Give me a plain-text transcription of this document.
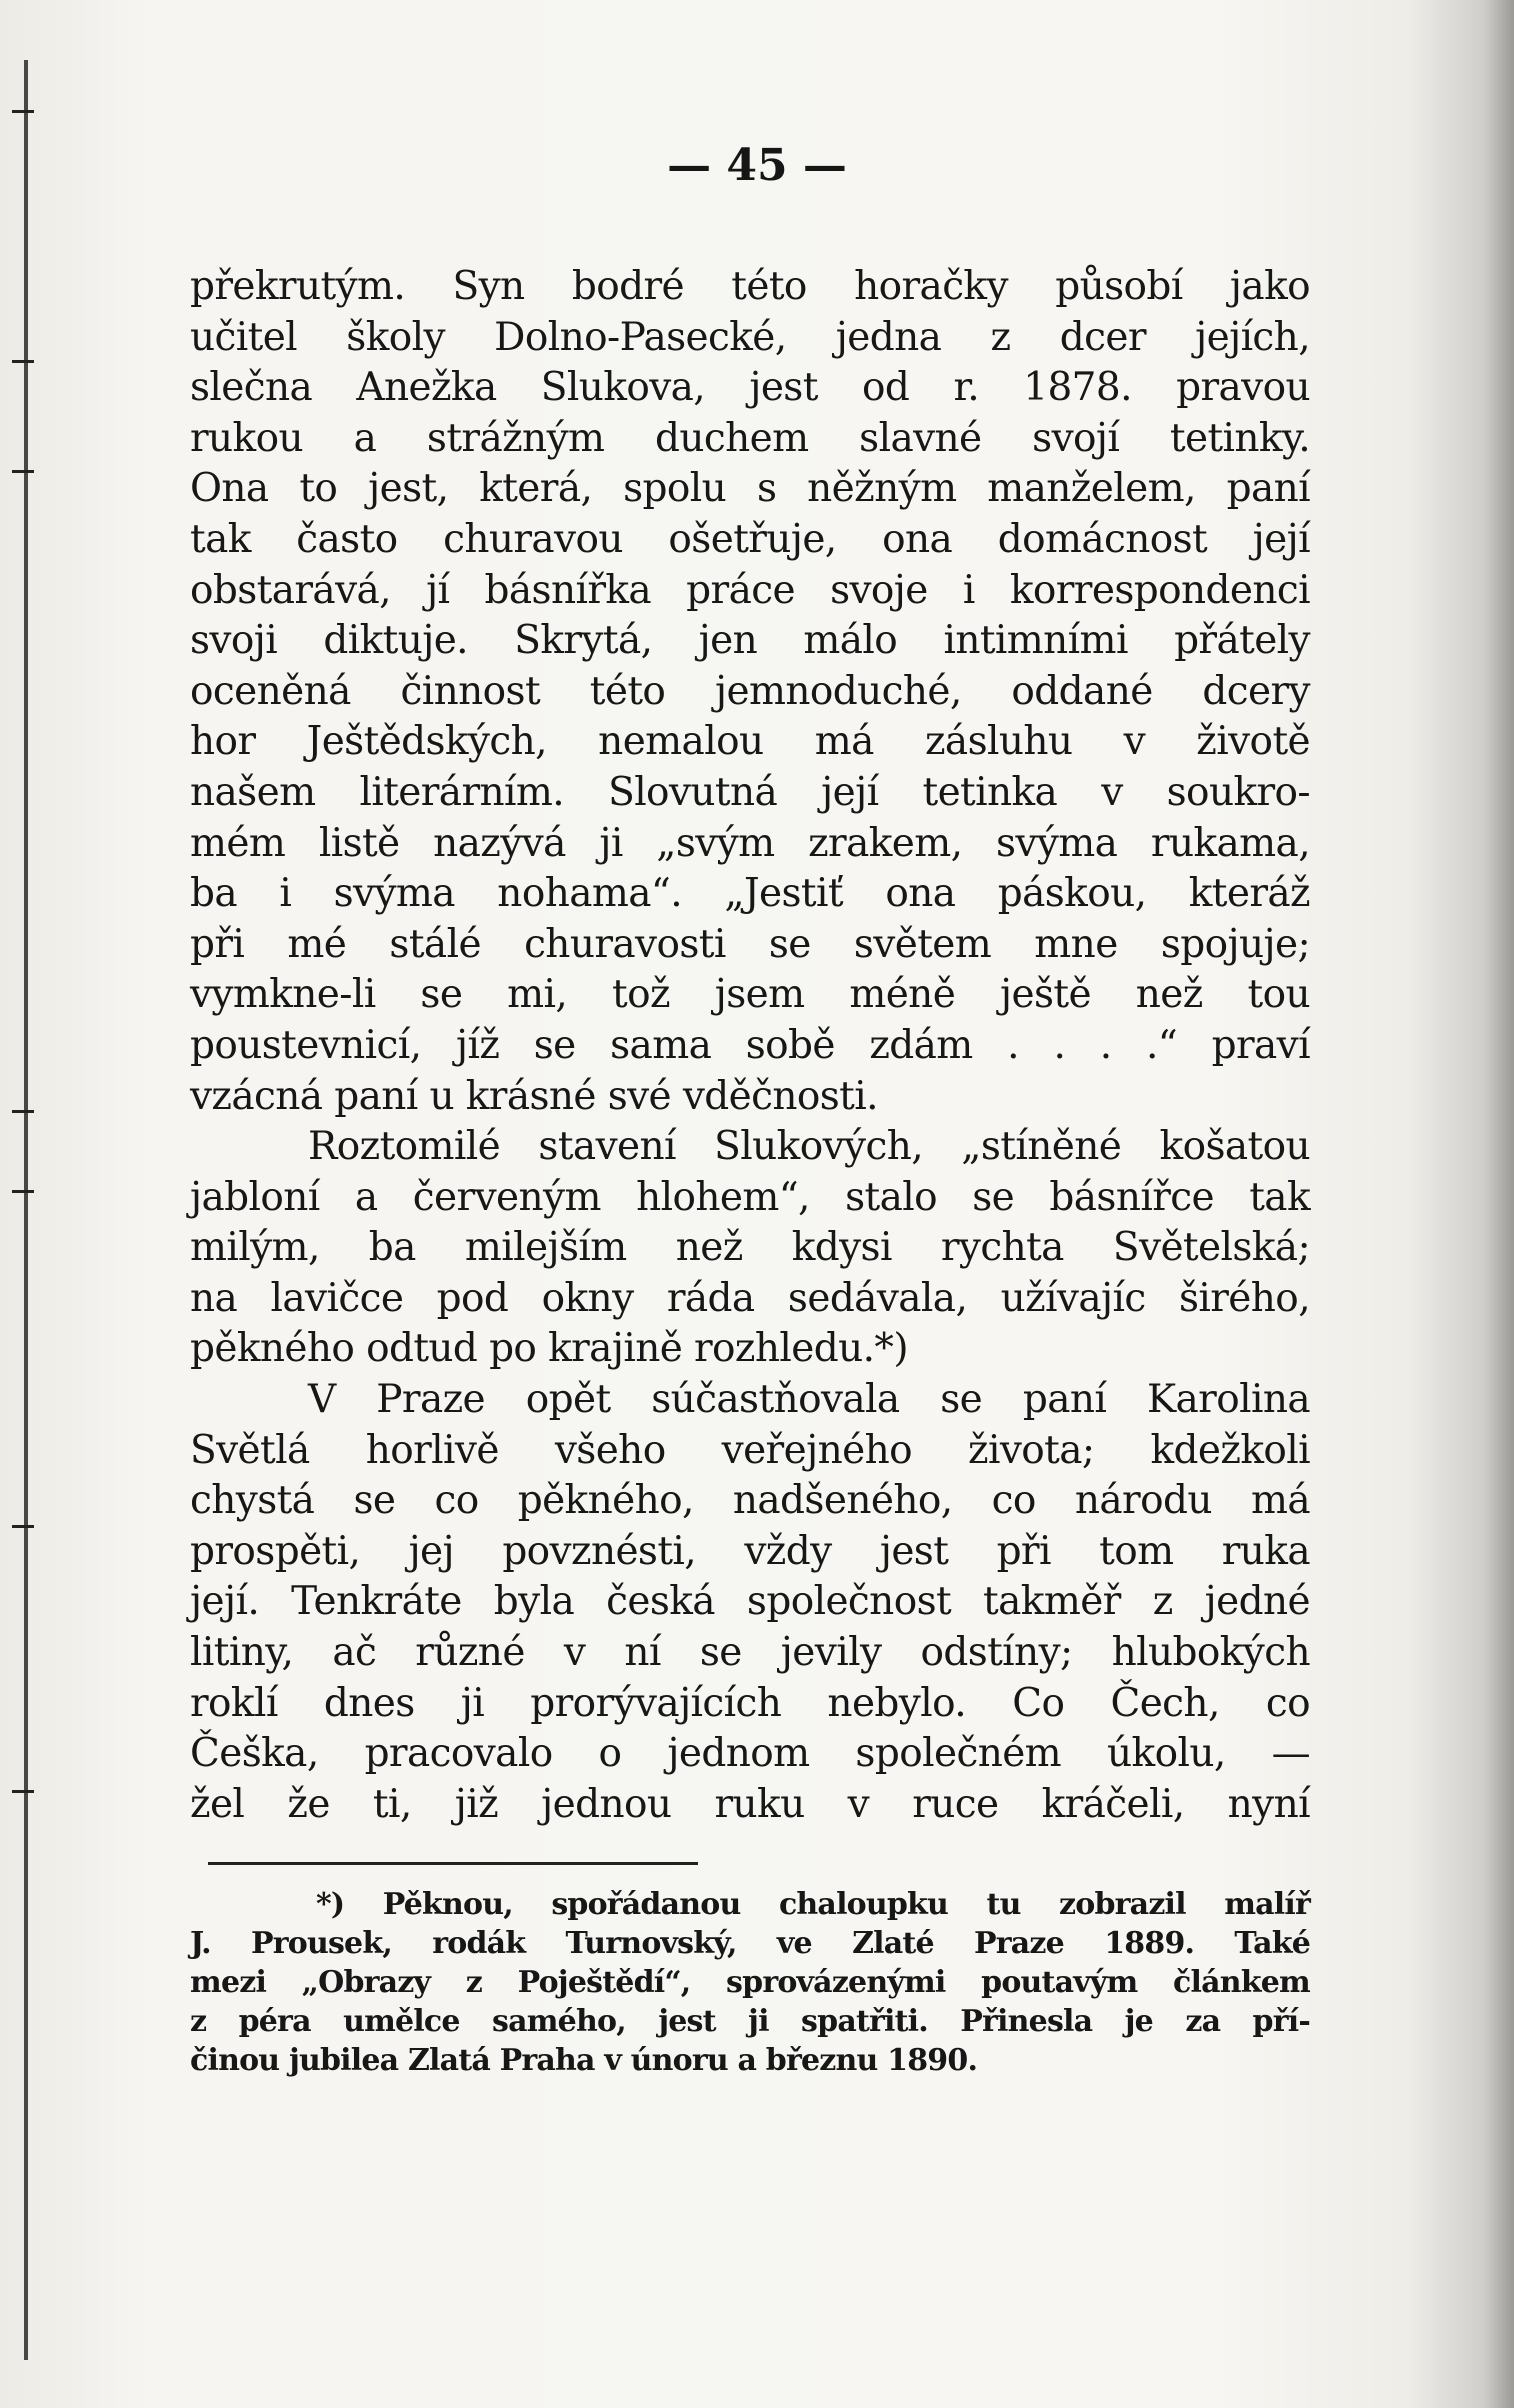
— 45 —
překrutým. Syn bodré této horačky působí jako
učitel školy Dolno-Pasecké, jedna z dcer jejích,
slečna Anežka Slukova, jest od r. 1878. pravou
rukou a strážným duchem slavné svojí tetinky.
Ona to jest, která, spolu s něžným manželem, paní
tak často churavou ošetřuje, ona domácnost její
obstarává, jí básnířka práce svoje i korrespondenci
svoji diktuje. Skrytá, jen málo intimními přátely
oceněná činnost této jemnoduché, oddané dcery
hor Ještědských, nemalou má zásluhu v životě
našem literárním. Slovutná její tetinka v soukro-
mém listě nazývá ji „svým zrakem, svýma rukama,
ba i svýma nohama“. „Jestiť ona páskou, kteráž
při mé stálé churavosti se světem mne spojuje;
vymkne-li se mi, tož jsem méně ještě než tou
poustevnicí, jíž se sama sobě zdám . . . .“ praví
vzácná paní u krásné své vděčnosti.
Roztomilé stavení Slukových, „stíněné košatou
jabloní a červeným hlohem“, stalo se básnířce tak
milým, ba milejším než kdysi rychta Světelská;
na lavičce pod okny ráda sedávala, užívajíc širého,
pěkného odtud po krajině rozhledu.*)
V Praze opět súčastňovala se paní Karolina
Světlá horlivě všeho veřejného života; kdežkoli
chystá se co pěkného, nadšeného, co národu má
prospěti, jej povznésti, vždy jest při tom ruka
její. Tenkráte byla česká společnost takměř z jedné
litiny, ač různé v ní se jevily odstíny; hlubokých
roklí dnes ji prorývajících nebylo. Co Čech, co
Češka, pracovalo o jednom společném úkolu, —
žel že ti, již jednou ruku v ruce kráčeli, nyní
*) Pěknou, spořádanou chaloupku tu zobrazil malíř
J. Prousek, rodák Turnovský, ve Zlaté Praze 1889. Také
mezi „Obrazy z Poještědí“, sprovázenými poutavým článkem
z péra umělce samého, jest ji spatřiti. Přinesla je za pří-
činou jubilea Zlatá Praha v únoru a březnu 1890.
